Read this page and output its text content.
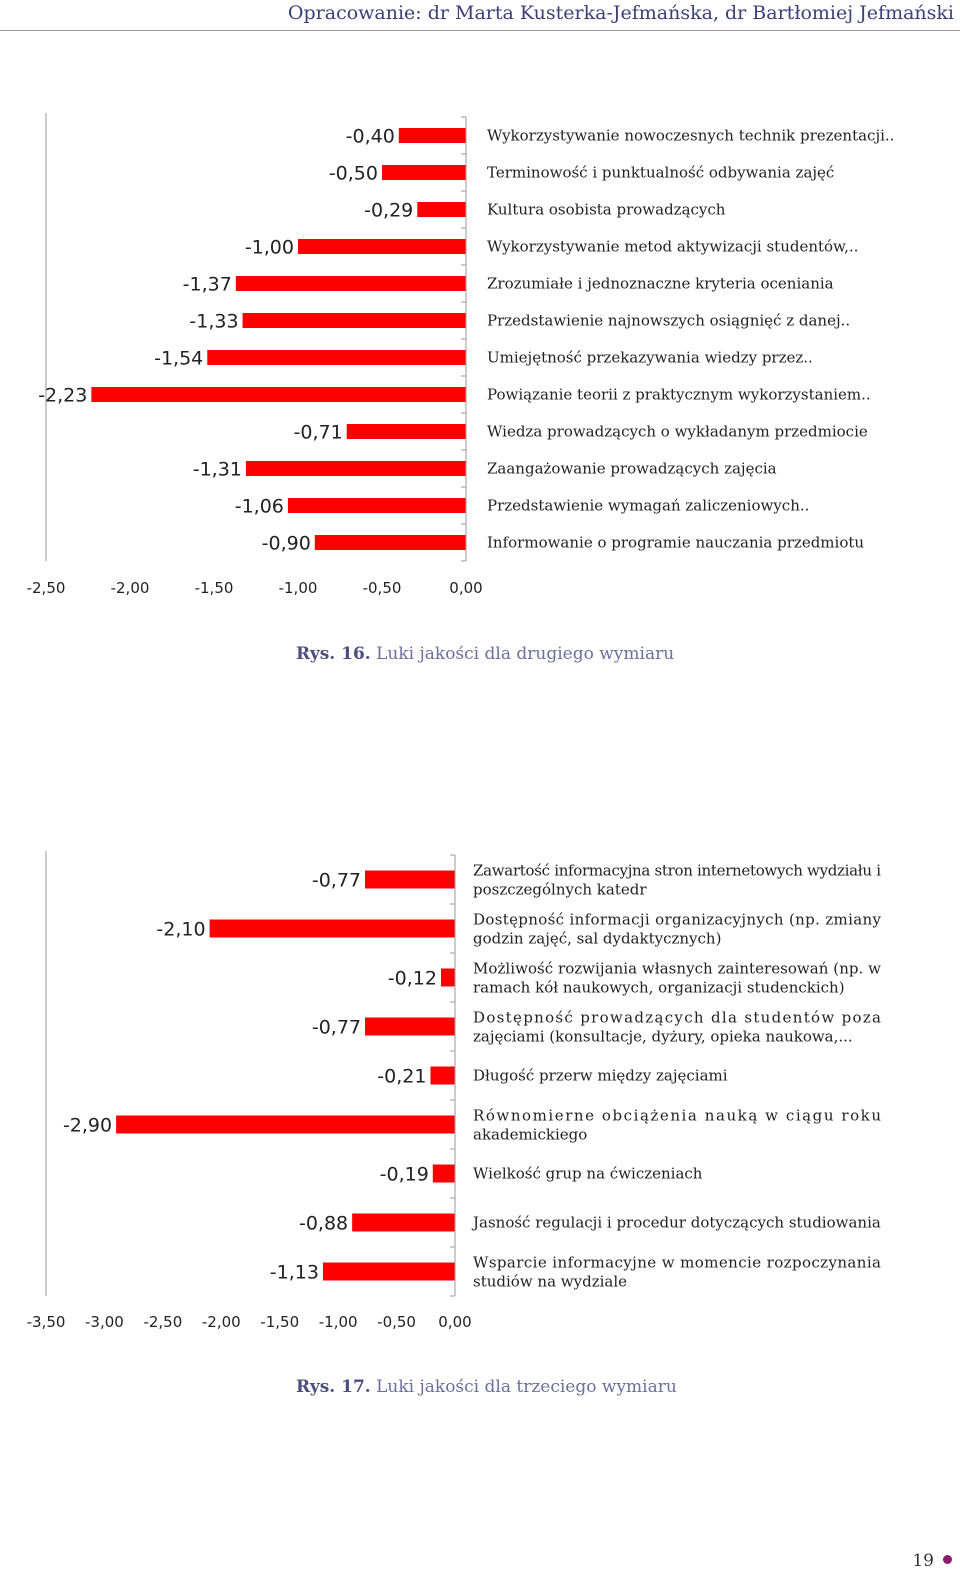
Opracowanie: dr Marta Kusterka-Jefmańska, dr Bartłomiej Jefmański
-0,40	Wykorzystywanie nowoczesnych technik prezentacji..
-0,50	Terminowość i punktualność odbywania zajęć
-0,29	Kultura osobista prowadzących
-1,00	Wykorzystywanie metod aktywizacji studentów,..
-1,37	Zrozumiałe i jednoznaczne kryteria oceniania
-1,33	Przedstawienie najnowszych osiągnięć z danej..
-1,54	Umiejętność przekazywania wiedzy przez..
-2,23	Powiązanie teorii z praktycznym wykorzystaniem..
-0,71	Wiedza prowadzących o wykładanym przedmiocie
-1,31	Zaangażowanie prowadzących zajęcia
-1,06	Przedstawienie wymagań zaliczeniowych..
-0,90	Informowanie o programie nauczania przedmiotu
-2,50	-2,00	-1,50	-1,00	-0,50	0,00
Rys. 16. Luki jakości dla drugiego wymiaru
-0,77	Zawartość informacyjna stron internetowych wydziału i
poszczególnych katedr
-2,10	Dostępność informacji organizacyjnych (np. zmiany
godzin zajęć, sal dydaktycznych)
-0,12 Możliwość rozwijania własnych zainteresowań (np. w
ramach kół naukowych, organizacji studenckich)
-0,77	Dostępność prowadzących dla studentów poza
zajęciami (konsultacje, dyżury, opieka naukowa,...
-0,21	Długość przerw między zajęciami
-2,90	Równomierne obciążenia nauką w ciągu roku
akademickiego
-0,19	Wielkość grup na ćwiczeniach
-0,88	Jasność regulacji i procedur dotyczących studiowania
-1,13	Wsparcie informacyjne w momencie rozpoczynania
studiów na wydziale
-3,50 -3,00 -2,50 -2,00 -1,50 -1,00 -0,50 0,00
Rys. 17. Luki jakości dla trzeciego wymiaru
19
